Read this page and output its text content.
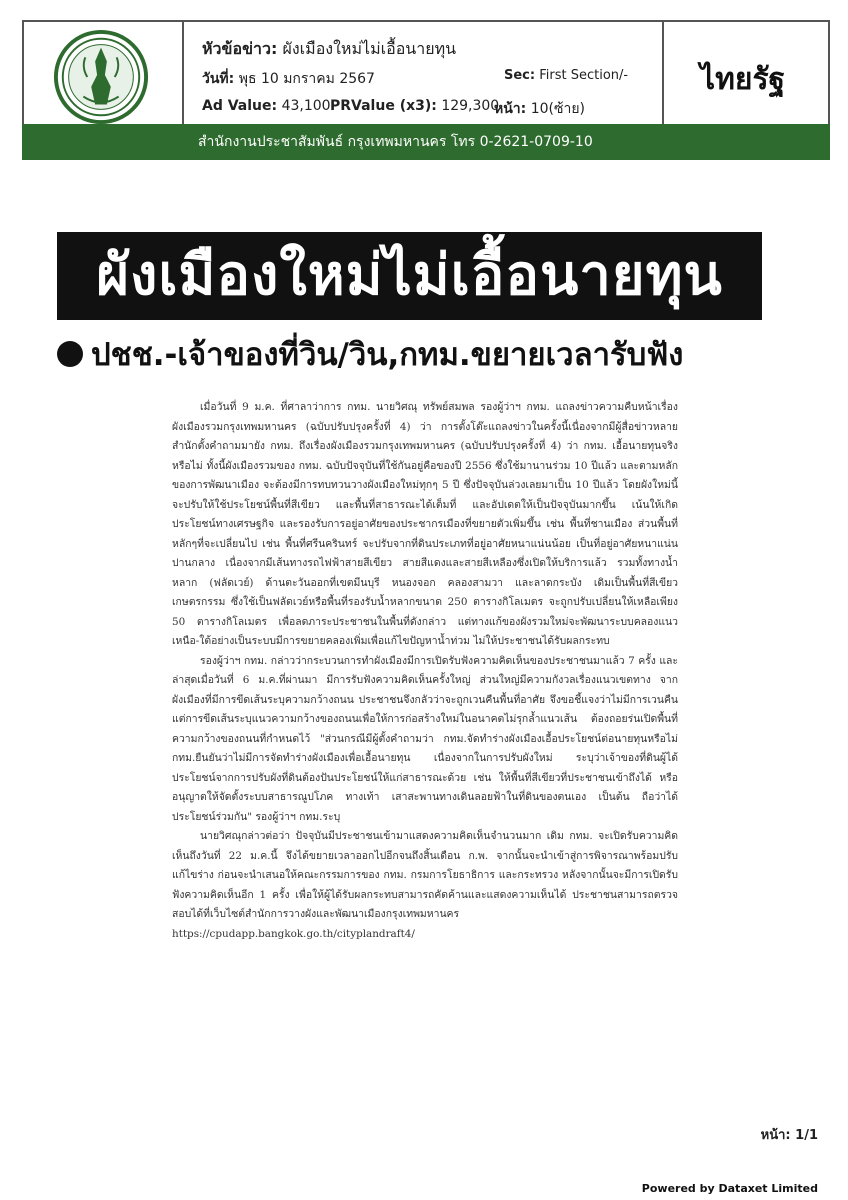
หัวข้อข่าว: ผังเมืองใหม่ไม่เอื้อนายทุน
วันที่: พุธ 10 มกราคม 2567	Sec: First Section/-
Ad Value: 43,100 PRValue (x3): 129,300
หน้า: 10(ซ้าย)
ไทยรัฐ
สำนักงานประชาสัมพันธ์ กรุงเทพมหานคร โทร 0-2621-0709-10
ผังเมืองใหม่ไม่เอื้อนายทุน
ปชช.-เจ้าของที่วิน/วิน,กทม.ขยายเวลารับฟัง

เมื่อวันที่ 9 ม.ค. ที่ศาลาว่าการ กทม. นายวิศณุ ทรัพย์สมพล รองผู้ว่าฯ กทม. แถลงข่าวความคืบหน้าเรื่องผังเมืองรวมกรุงเทพมหานคร (ฉบับปรับปรุงครั้งที่ 4) ว่า การตั้งโต๊ะแถลงข่าวในครั้งนี้เนื่องจากมีผู้สื่อข่าวหลายสำนักตั้งคำถามมายัง กทม. ถึงเรื่องผังเมืองรวมกรุงเทพมหานคร (ฉบับปรับปรุงครั้งที่ 4) ว่า กทม. เอื้อนายทุนจริงหรือไม่ ทั้งนี้ผังเมืองรวมของ กทม. ฉบับปัจจุบันที่ใช้กันอยู่คือของปี 2556 ซึ่งใช้มานานร่วม 10 ปีแล้ว และตามหลักของการพัฒนาเมือง จะต้องมีการทบทวนวางผังเมืองใหม่ทุกๆ 5 ปี ซึ่งปัจจุบันล่วงเลยมาเป็น 10 ปีแล้ว โดยผังใหม่นี้จะปรับให้ใช้ประโยชน์พื้นที่สีเขียว และพื้นที่สาธารณะได้เต็มที่ และอัปเดตให้เป็นปัจจุบันมากขึ้น เน้นให้เกิดประโยชน์ทางเศรษฐกิจ และรองรับการอยู่อาศัยของประชากรเมืองที่ขยายตัวเพิ่มขึ้น เช่น พื้นที่ชานเมือง ส่วนพื้นที่หลักๆที่จะเปลี่ยนไป เช่น พื้นที่ศรีนครินทร์ จะปรับจากที่ดินประเภทที่อยู่อาศัยหนาแน่นน้อย เป็นที่อยู่อาศัยหนาแน่นปานกลาง เนื่องจากมีเส้นทางรถไฟฟ้าสายสีเขียว สายสีแดงและสายสีเหลืองซึ่งเปิดให้บริการแล้ว รวมทั้งทางน้ำหลาก (ฟลัดเวย์) ด้านตะวันออกที่เขตมีนบุรี หนองจอก คลองสามวา และลาดกระบัง เดิมเป็นพื้นที่สีเขียวเกษตรกรรม ซึ่งใช้เป็นฟลัดเวย์หรือพื้นที่รองรับน้ำหลากขนาด 250 ตารางกิโลเมตร จะถูกปรับเปลี่ยนให้เหลือเพียง 50 ตารางกิโลเมตร เพื่อลดภาระประชาชนในพื้นที่ดังกล่าว แต่ทางแก้ของผังรวมใหม่จะพัฒนาระบบคลองแนวเหนือ-ใต้อย่างเป็นระบบมีการขยายคลองเพิ่มเพื่อแก้ไขปัญหาน้ำท่วม ไม่ให้ประชาชนได้รับผลกระทบ

รองผู้ว่าฯ กทม. กล่าวว่ากระบวนการทำผังเมืองมีการเปิดรับฟังความคิดเห็นของประชาชนมาแล้ว 7 ครั้ง และล่าสุดเมื่อวันที่ 6 ม.ค.ที่ผ่านมา มีการรับฟังความคิดเห็นครั้งใหญ่ ส่วนใหญ่มีความกังวลเรื่องแนวเขตทาง จากผังเมืองที่มีการขีดเส้นระบุความกว้างถนน ประชาชนจึงกลัวว่าจะถูกเวนคืนพื้นที่อาศัย จึงขอชี้แจงว่าไม่มีการเวนคืน แต่การขีดเส้นระบุแนวความกว้างของถนนเพื่อให้การก่อสร้างใหม่ในอนาคตไม่รุกล้ำแนวเส้น ต้องถอยร่นเปิดพื้นที่ความกว้างของถนนที่กำหนดไว้ "ส่วนกรณีมีผู้ตั้งคำถามว่า กทม.จัดทำร่างผังเมืองเอื้อประโยชน์ต่อนายทุนหรือไม่ กทม.ยืนยันว่าไม่มีการจัดทำร่างผังเมืองเพื่อเอื้อนายทุน เนื่องจากในการปรับผังใหม่ ระบุว่าเจ้าของที่ดินผู้ได้ประโยชน์จากการปรับผังที่ดินต้องปันประโยชน์ให้แก่สาธารณะด้วย เช่น ให้พื้นที่สีเขียวที่ประชาชนเข้าถึงได้ หรืออนุญาตให้จัดตั้งระบบสาธารณูปโภค ทางเท้า เสาสะพานทางเดินลอยฟ้าในที่ดินของตนเอง เป็นต้น ถือว่าได้ประโยชน์ร่วมกัน" รองผู้ว่าฯ กทม.ระบุ

นายวิศณุกล่าวต่อว่า ปัจจุบันมีประชาชนเข้ามาแสดงความคิดเห็นจำนวนมาก เดิม กทม. จะเปิดรับความคิดเห็นถึงวันที่ 22 ม.ค.นี้ จึงได้ขยายเวลาออกไปอีกจนถึงสิ้นเดือน ก.พ. จากนั้นจะนำเข้าสู่การพิจารณาพร้อมปรับแก้ไขร่าง ก่อนจะนำเสนอให้คณะกรรมการของ กทม. กรมการโยธาธิการ และกระทรวง หลังจากนั้นจะมีการเปิดรับฟังความคิดเห็นอีก 1 ครั้ง เพื่อให้ผู้ได้รับผลกระทบสามารถคัดค้านและแสดงความเห็นได้ ประชาชนสามารถตรวจสอบได้ที่เว็บไซต์สำนักการวางผังและพัฒนาเมืองกรุงเทพมหานคร https://cpudapp.bangkok.go.th/cityplandraft4/

หน้า: 1/1
Powered by Dataxet Limited
